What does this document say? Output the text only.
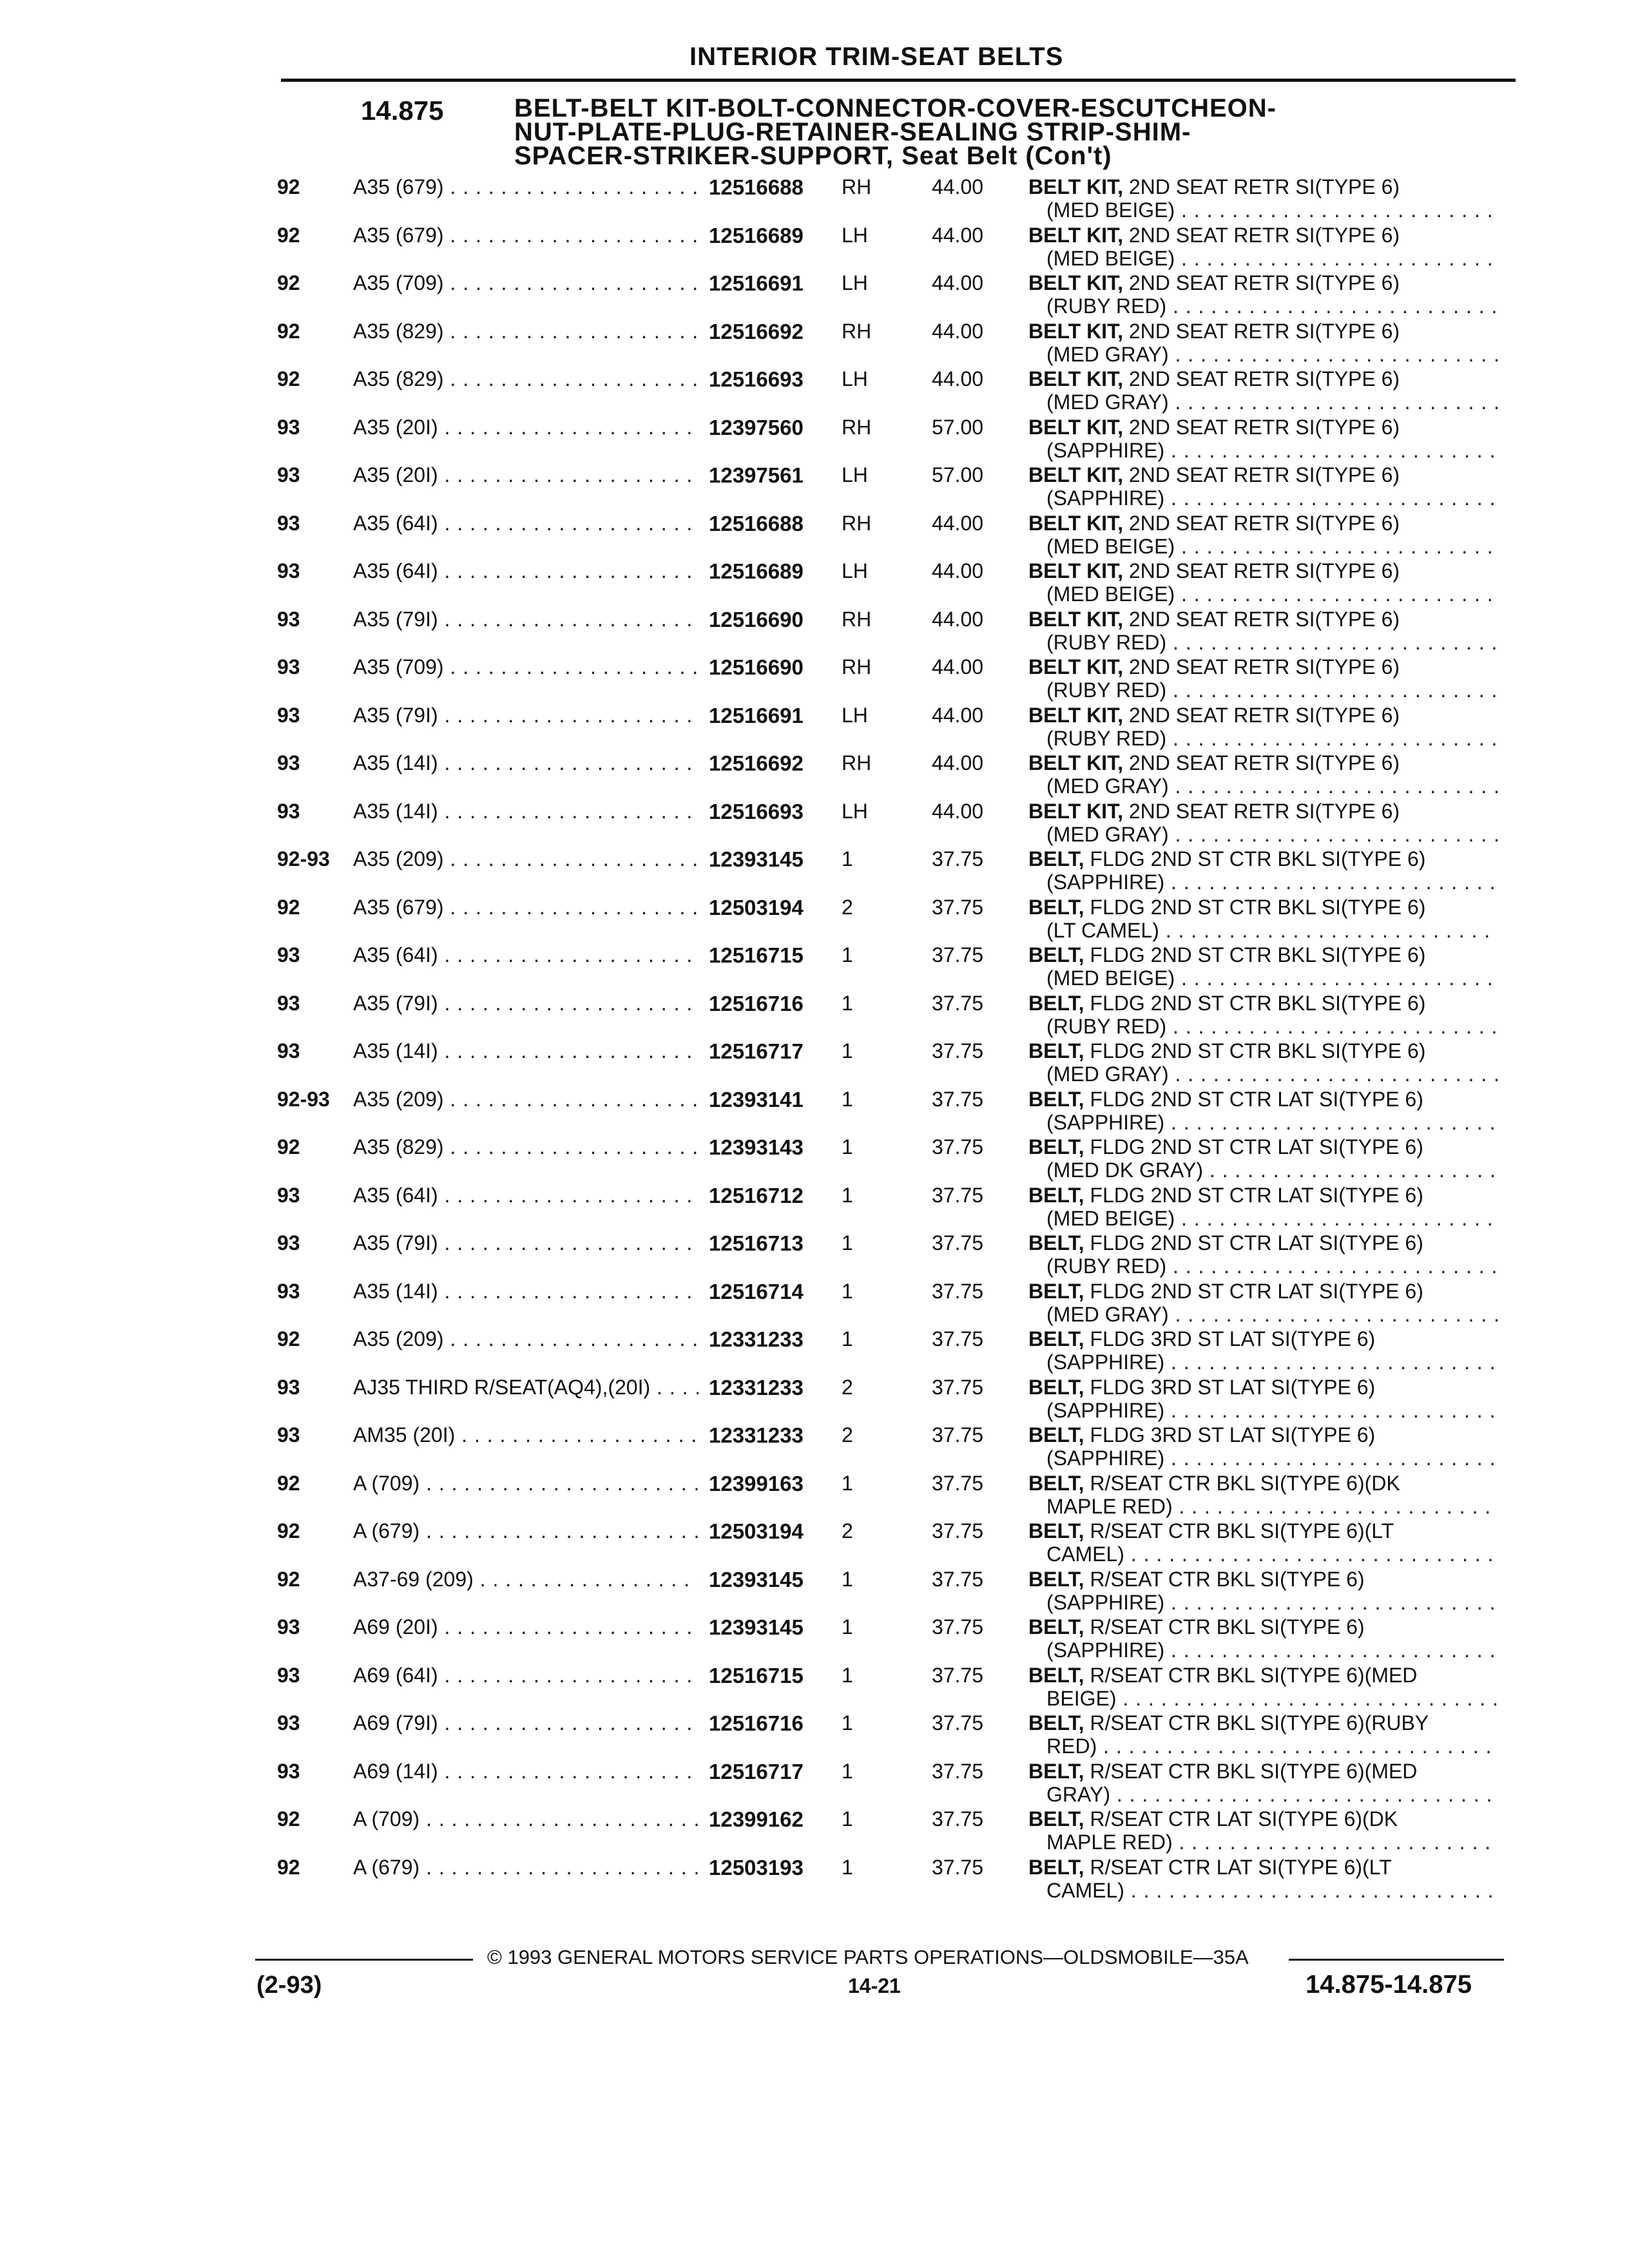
INTERIOR TRIM-SEAT BELTS
14.875	BELT-BELT KIT-BOLT-CONNECTOR-COVER-ESCUTCHEON-
NUT-PLATE-PLUG-RETAINER-SEALING STRIP-SHIM-
SPACER-STRIKER-SUPPORT, Seat Belt (Con't)
92	A35 (679) . . .	12516688 RH	44.00 BELT KIT, 2ND SEAT RETR SI(TYPE 6)
(MED BEIGE) . . .
92	A35 (679) . . .	12516689 LH	44.00 BELT KIT, 2ND SEAT RETR SI(TYPE 6)
(MED BEIGE) . . .
92	A35 (709) . . .	12516691 LH	44.00 BELT KIT, 2ND SEAT RETR SI(TYPE 6)
(RUBY RED) . . .
92	A35 (829) . . .	12516692 RH	44.00 BELT KIT, 2ND SEAT RETR SI(TYPE 6)
(MED GRAY) . . .
92	A35 (829) . . .	12516693 LH	44.00 BELT KIT, 2ND SEAT RETR SI(TYPE 6)
(MED GRAY) . . .
93	A35 (20I) . . .	12397560 RH	57.00 BELT KIT, 2ND SEAT RETR SI(TYPE 6)
(SAPPHIRE) . . .
93	A35 (20I) . . .	12397561 LH	57.00 BELT KIT, 2ND SEAT RETR SI(TYPE 6)
(SAPPHIRE) . . .
93	A35 (64I) . . .	12516688 RH	44.00 BELT KIT, 2ND SEAT RETR SI(TYPE 6)
(MED BEIGE) . . .
93	A35 (64I) . . .	12516689 LH	44.00 BELT KIT, 2ND SEAT RETR SI(TYPE 6)
(MED BEIGE) . . .
93	A35 (79I) . . .	12516690 RH	44.00 BELT KIT, 2ND SEAT RETR SI(TYPE 6)
(RUBY RED) . . .
93	A35 (709) . . .	12516690 RH	44.00 BELT KIT, 2ND SEAT RETR SI(TYPE 6)
(RUBY RED) . . .
93	A35 (79I) . . .	12516691 LH	44.00 BELT KIT, 2ND SEAT RETR SI(TYPE 6)
(RUBY RED) . . .
93	A35 (14I) . . .	12516692 RH	44.00 BELT KIT, 2ND SEAT RETR SI(TYPE 6)
(MED GRAY) . . .
93	A35 (14I) . . .	12516693 LH	44.00 BELT KIT, 2ND SEAT RETR SI(TYPE 6)
(MED GRAY) . . .
92-93 A35 (209) . . .	12393145 1	37.75 BELT, FLDG 2ND ST CTR BKL SI(TYPE 6)
(SAPPHIRE) . . .
92	A35 (679) . . .	12503194 2	37.75 BELT, FLDG 2ND ST CTR BKL SI(TYPE 6)
(LT CAMEL) . . .
93	A35 (64I) . . .	12516715 1	37.75 BELT, FLDG 2ND ST CTR BKL SI(TYPE 6)
(MED BEIGE) . . .
93	A35 (79I) . . .	12516716 1	37.75 BELT, FLDG 2ND ST CTR BKL SI(TYPE 6)
(RUBY RED) . . .
93	A35 (14I) . . .	12516717 1	37.75 BELT, FLDG 2ND ST CTR BKL SI(TYPE 6)
(MED GRAY) . . .
92-93 A35 (209) . . .	12393141 1	37.75 BELT, FLDG 2ND ST CTR LAT SI(TYPE 6)
(SAPPHIRE) . . .
92	A35 (829) . . .	12393143 1	37.75 BELT, FLDG 2ND ST CTR LAT SI(TYPE 6)
(MED DK GRAY) . . .
93	A35 (64I) . . .	12516712 1	37.75 BELT, FLDG 2ND ST CTR LAT SI(TYPE 6)
(MED BEIGE) . . .
93	A35 (79I) . . .	12516713 1	37.75 BELT, FLDG 2ND ST CTR LAT SI(TYPE 6)
(RUBY RED) . . .
93	A35 (14I) . . .	12516714 1	37.75 BELT, FLDG 2ND ST CTR LAT SI(TYPE 6)
(MED GRAY) . . .
92	A35 (209) . . .	12331233 1	37.75 BELT, FLDG 3RD ST LAT SI(TYPE 6)
(SAPPHIRE) . . .
93	AJ35 THIRD R/SEAT(AQ4),(20I) . . .	12331233 2	37.75 BELT, FLDG 3RD ST LAT SI(TYPE 6)
(SAPPHIRE) . . .
93	AM35 (20I) . . .	12331233 2	37.75 BELT, FLDG 3RD ST LAT SI(TYPE 6)
(SAPPHIRE) . . .
92	A (709) . . .	12399163 1	37.75 BELT, R/SEAT CTR BKL SI(TYPE 6)(DK
MAPLE RED) . . .
92	A (679) . . .	12503194 2	37.75 BELT, R/SEAT CTR BKL SI(TYPE 6)(LT
CAMEL) . . .
92	A37-69 (209) . . .	12393145 1	37.75 BELT, R/SEAT CTR BKL SI(TYPE 6)
(SAPPHIRE) . . .
93	A69 (20I) . . .	12393145 1	37.75 BELT, R/SEAT CTR BKL SI(TYPE 6)
(SAPPHIRE) . . .
93	A69 (64I) . . .	12516715 1	37.75 BELT, R/SEAT CTR BKL SI(TYPE 6)(MED
BEIGE) . . .
93	A69 (79I) . . .	12516716 1	37.75 BELT, R/SEAT CTR BKL SI(TYPE 6)(RUBY
RED) . . .
93	A69 (14I) . . .	12516717 1	37.75 BELT, R/SEAT CTR BKL SI(TYPE 6)(MED
GRAY) . . .
92	A (709) . . .	12399162 1	37.75 BELT, R/SEAT CTR LAT SI(TYPE 6)(DK
MAPLE RED) . . .
92	A (679) . . .	12503193 1	37.75 BELT, R/SEAT CTR LAT SI(TYPE 6)(LT
CAMEL) . . .
© 1993 GENERAL MOTORS SERVICE PARTS OPERATIONS—OLDSMOBILE—35A
(2-93)	14-21	14.875-14.875
